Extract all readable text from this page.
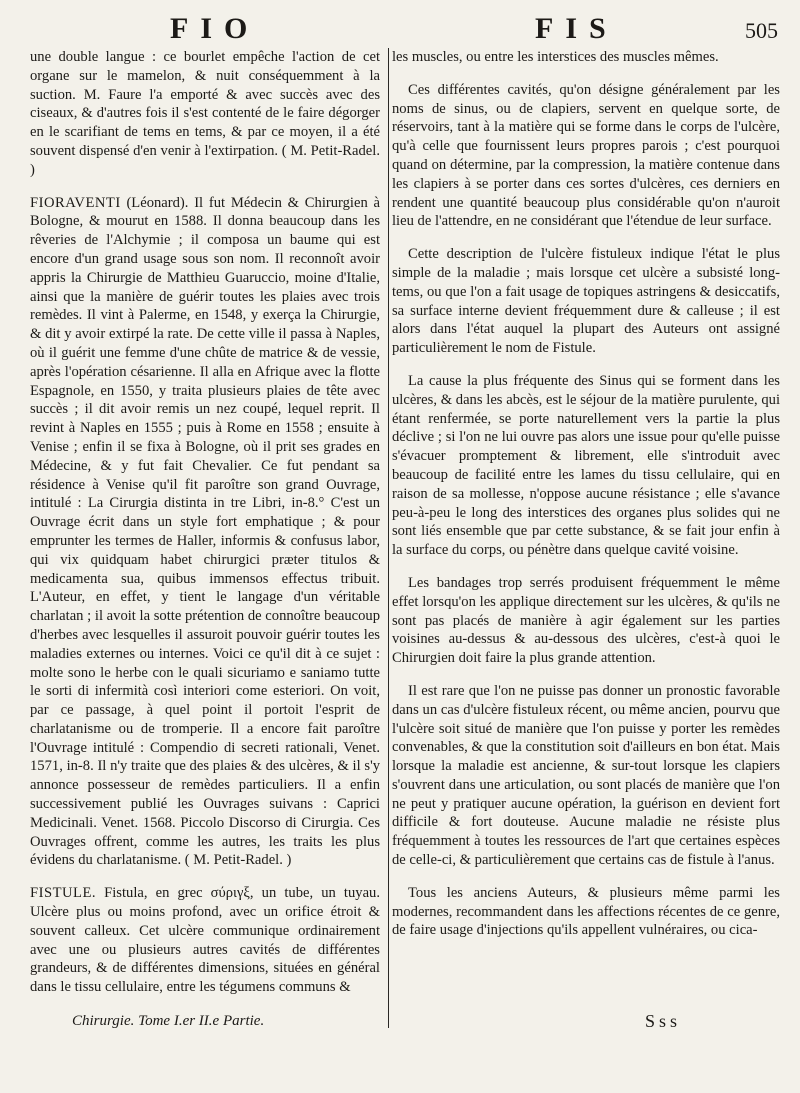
FIO	FIS	505

une double langue : ce bourlet empêche l'action de cet organe sur le mamelon, & nuit conséquemment à la suction. M. Faure l'a emporté & avec succès avec des ciseaux, & d'autres fois il s'est contenté de le faire dégorger en le scarifiant de tems en tems, & par ce moyen, il a été souvent dispensé d'en venir à l'extirpation. ( M. Petit-Radel. )

FIORAVENTI (Léonard). Il fut Médecin & Chirurgien à Bologne, & mourut en 1588. Il donna beaucoup dans les rêveries de l'Alchymie ; il composa un baume qui est encore d'un grand usage sous son nom. Il reconnoît avoir appris la Chirurgie de Matthieu Guaruccio, moine d'Italie, ainsi que la manière de guérir toutes les plaies avec trois remèdes. Il vint à Palerme, en 1548, y exerça la Chirurgie, & dit y avoir extirpé la rate. De cette ville il passa à Naples, où il guérit une femme d'une chûte de matrice & de vessie, après l'opération césarienne. Il alla en Afrique avec la flotte Espagnole, en 1550, y traita plusieurs plaies de tête avec succès ; il dit avoir remis un nez coupé, lequel reprit. Il revint à Naples en 1555 ; puis à Rome en 1558 ; ensuite à Venise ; enfin il se fixa à Bologne, où il prit ses grades en Médecine, & y fut fait Chevalier. Ce fut pendant sa résidence à Venise qu'il fit paroître son grand Ouvrage, intitulé : La Cirurgia distinta in tre Libri, in-8.° C'est un Ouvrage écrit dans un style fort emphatique ; & pour emprunter les termes de Haller, informis & confusus labor, qui vix quidquam habet chirurgici præter titulos & medicamenta sua, quibus immensos effectus tribuit. L'Auteur, en effet, y tient le langage d'un véritable charlatan ; il avoit la sotte prétention de connoître beaucoup d'herbes avec lesquelles il assuroit pouvoir guérir toutes les maladies externes ou internes. Voici ce qu'il dit à ce sujet : molte sono le herbe con le quali sicuriamo e saniamo tutte le sorti di infermità così interiori come esteriori. On voit, par ce passage, à quel point il portoit l'esprit de charlatanisme ou de tromperie. Il a encore fait paroître l'Ouvrage intitulé : Compendio di secreti rationali, Venet. 1571, in-8. Il n'y traite que des plaies & des ulcères, & il s'y annonce possesseur de remèdes particuliers. Il a enfin successivement publié les Ouvrages suivans : Caprici Medicinali. Venet. 1568. Piccolo Discorso di Cirurgia. Ces Ouvrages offrent, comme les autres, les traits les plus évidens du charlatanisme. ( M. Petit-Radel. )

FISTULE. Fistula, en grec σύριγξ, un tube, un tuyau. Ulcère plus ou moins profond, avec un orifice étroit & souvent calleux. Cet ulcère communique ordinairement avec une ou plusieurs autres cavités de différentes grandeurs, & de différentes dimensions, situées en général dans le tissu cellulaire, entre les tégumens communs &

les muscles, ou entre les interstices des muscles mêmes.

Ces différentes cavités, qu'on désigne généralement par les noms de sinus, ou de clapiers, servent en quelque sorte, de réservoirs, tant à la matière qui se forme dans le corps de l'ulcère, qu'à celle que fournissent leurs propres parois ; c'est pourquoi quand on détermine, par la compression, la matière contenue dans les clapiers à se porter dans ces sortes d'ulcères, ces derniers en rendent une quantité beaucoup plus considérable qu'on n'auroit lieu de l'attendre, en ne considérant que l'étendue de leur surface.

Cette description de l'ulcère fistuleux indique l'état le plus simple de la maladie ; mais lorsque cet ulcère a subsisté long-tems, ou que l'on a fait usage de topiques astringens & desiccatifs, sa surface interne devient fréquemment dure & calleuse ; il est alors dans l'état auquel la plupart des Auteurs ont assigné particulièrement le nom de Fistule.

La cause la plus fréquente des Sinus qui se forment dans les ulcères, & dans les abcès, est le séjour de la matière purulente, qui étant renfermée, se porte naturellement vers la partie la plus déclive ; si l'on ne lui ouvre pas alors une issue pour qu'elle puisse s'évacuer promptement & librement, elle s'introduit avec beaucoup de facilité entre les lames du tissu cellulaire, qui en raison de sa mollesse, n'oppose aucune résistance ; elle s'avance peu-à-peu le long des interstices des organes plus solides qui ne sont liés ensemble que par cette substance, & se fait jour enfin à la surface du corps, ou pénètre dans quelque cavité voisine.

Les bandages trop serrés produisent fréquemment le même effet lorsqu'on les applique directement sur les ulcères, & qu'ils ne sont pas placés de manière à agir également sur les parties voisines au-dessus & au-dessous des ulcères, c'est-à quoi le Chirurgien doit faire la plus grande attention.

Il est rare que l'on ne puisse pas donner un pronostic favorable dans un cas d'ulcère fistuleux récent, ou même ancien, pourvu que l'ulcère soit situé de manière que l'on puisse y porter les remèdes convenables, & que la constitution soit d'ailleurs en bon état. Mais lorsque la maladie est ancienne, & sur-tout lorsque les clapiers s'ouvrent dans une articulation, ou sont placés de manière que l'on ne peut y pratiquer aucune opération, la guérison en devient fort difficile & fort douteuse. Aucune maladie ne résiste plus fréquemment à toutes les ressources de l'art que certaines espèces de celle-ci, & particulièrement que certains cas de fistule à l'anus.

Tous les anciens Auteurs, & plusieurs même parmi les modernes, recommandent dans les affections récentes de ce genre, de faire usage d'injections qu'ils appellent vulnéraires, ou cica-

Chirurgie. Tome I.er II.e Partie.	Sss
